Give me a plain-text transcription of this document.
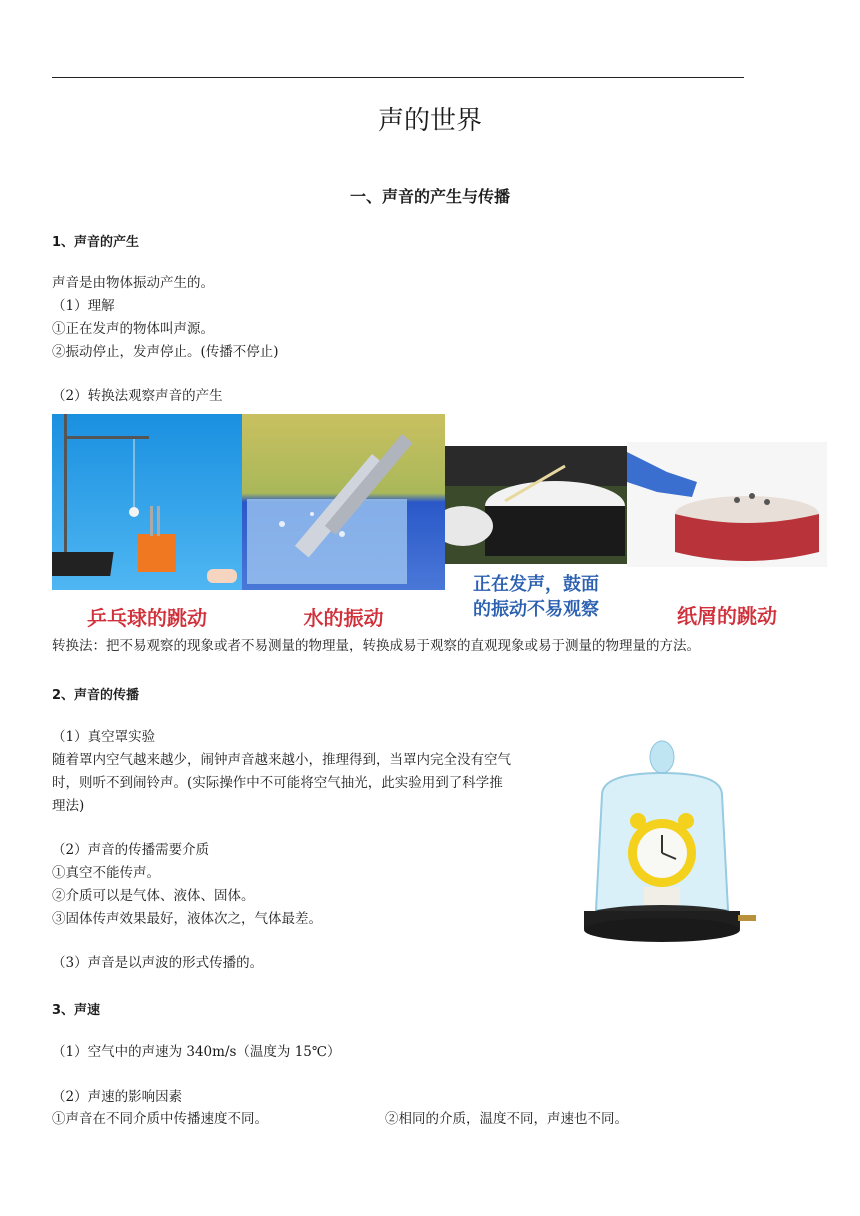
声的世界
一、声音的产生与传播
1、声音的产生
声音是由物体振动产生的。
（1）理解
①正在发声的物体叫声源。
②振动停止，发声停止。(传播不停止)
（2）转换法观察声音的产生
乒乓球的跳动	水的振动
正在发声，鼓面
的振动不易观察	纸屑的跳动
转换法：把不易观察的现象或者不易测量的物理量，转换成易于观察的直观现象或易于测量的物理量的方法。
2、声音的传播
（1）真空罩实验
随着罩内空气越来越少，闹钟声音越来越小，推理得到，当罩内完全没有空气
时，则听不到闹铃声。(实际操作中不可能将空气抽光，此实验用到了科学推
理法)
（2）声音的传播需要介质
①真空不能传声。
②介质可以是气体、液体、固体。
③固体传声效果最好，液体次之，气体最差。
（3）声音是以声波的形式传播的。
3、声速
（1）空气中的声速为 340m/s（温度为 15℃）
（2）声速的影响因素
①声音在不同介质中传播速度不同。	②相同的介质，温度不同，声速也不同。
